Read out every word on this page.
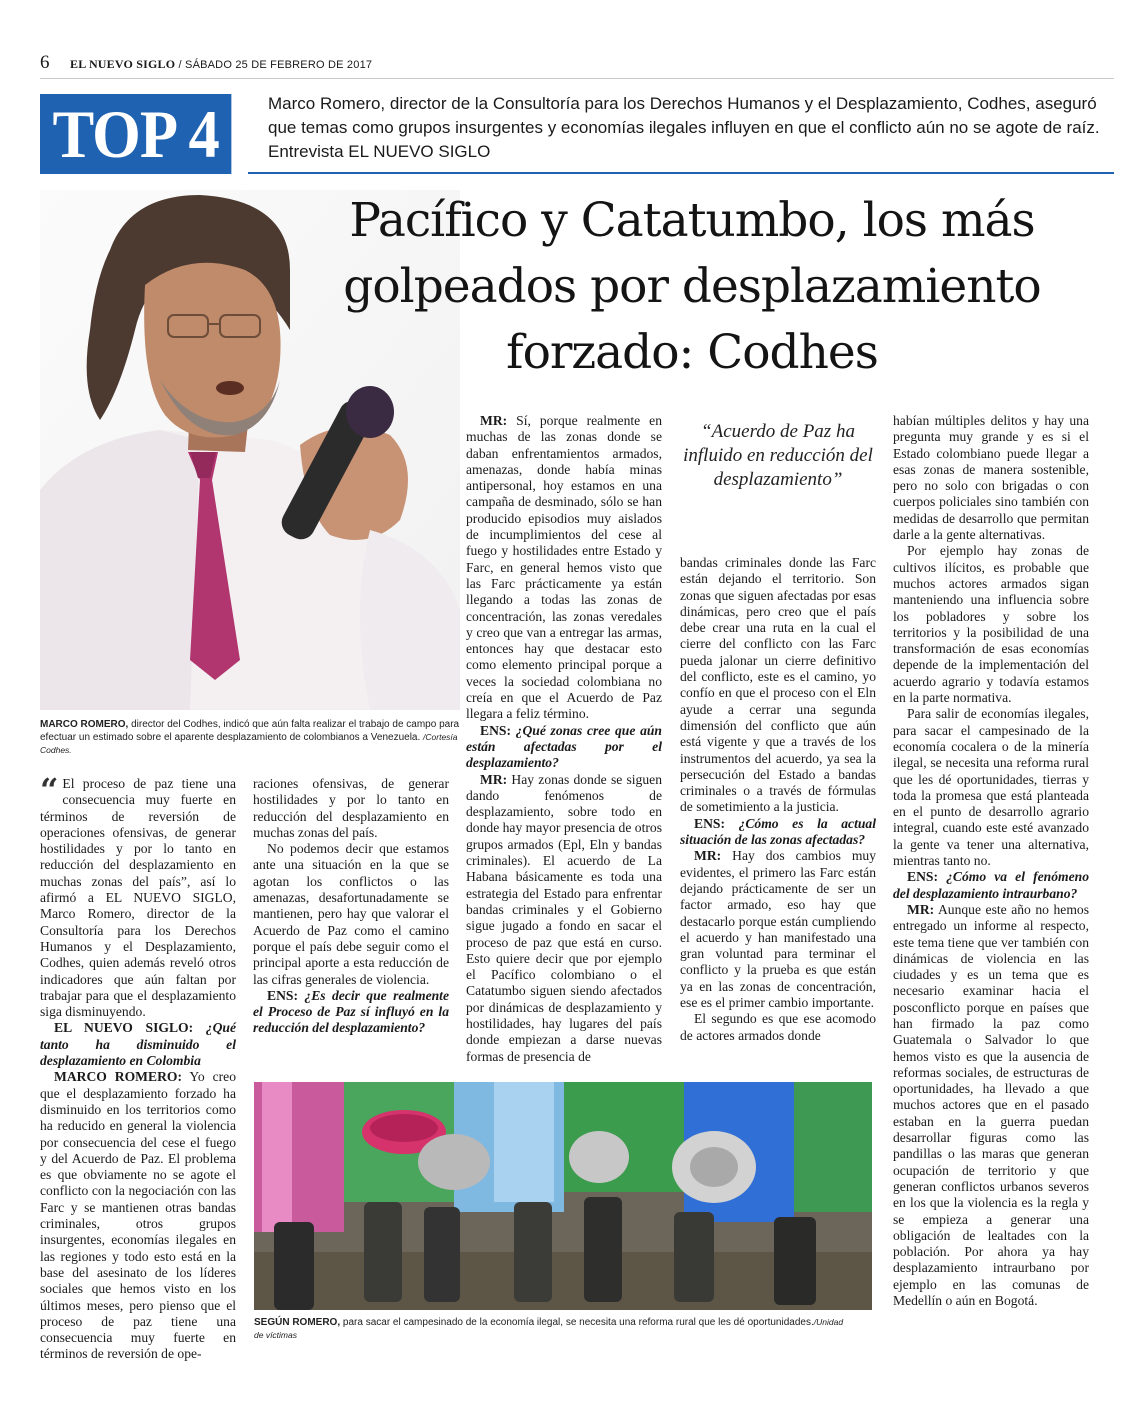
6 EL NUEVO SIGLO / SÁBADO 25 DE FEBRERO DE 2017
TOP 4	Marco Romero, director de la Consultoría para los Derechos Humanos y el Desplazamiento, Codhes, aseguró que temas como grupos insurgentes y economías ilegales influyen en que el conflicto aún no se agote de raíz. Entrevista EL NUEVO SIGLO
MARCO ROMERO, director del Codhes, indicó que aún falta realizar el trabajo de campo para efectuar un estimado sobre el aparente desplazamiento de colombianos a Venezuela. /Cortesía Codhes.
Pacífico y Catatumbo, los más
golpeados por desplazamiento
forzado: Codhes
“Acuerdo de Paz ha influido en reducción del desplazamiento”

“ El proceso de paz tiene una consecuencia muy fuerte en términos de reversión de operaciones ofensivas, de generar hostilidades y por lo tanto en reducción del desplazamiento en muchas zonas del país”, así lo afirmó a EL NUEVO SIGLO, Marco Romero, director de la Consultoría para los Derechos Humanos y el Desplazamiento, Codhes, quien además reveló otros indicadores que aún faltan por trabajar para que el desplazamiento siga disminuyendo.

EL NUEVO SIGLO: ¿Qué tanto ha disminuido el desplazamiento en Colombia

MARCO ROMERO: Yo creo que el desplazamiento forzado ha disminuido en los territorios como ha reducido en general la violencia por consecuencia del cese el fuego y del Acuerdo de Paz. El problema es que obviamente no se agote el conflicto con la negociación con las Farc y se mantienen otras bandas criminales, otros grupos insurgentes, economías ilegales en las regiones y todo esto está en la base del asesinato de los líderes sociales que hemos visto en los últimos meses, pero pienso que el proceso de paz tiene una consecuencia muy fuerte en términos de reversión de ope-

raciones ofensivas, de generar hostilidades y por lo tanto en reducción del desplazamiento en muchas zonas del país.

No podemos decir que estamos ante una situación en la que se agotan los conflictos o las amenazas, desafortunadamente se mantienen, pero hay que valorar el Acuerdo de Paz como el camino porque el país debe seguir como el principal aporte a esta reducción de las cifras generales de violencia.

ENS: ¿Es decir que realmente el Proceso de Paz sí influyó en la reducción del desplazamiento?

MR: Sí, porque realmente en muchas de las zonas donde se daban enfrentamientos armados, amenazas, donde había minas antipersonal, hoy estamos en una campaña de desminado, sólo se han producido episodios muy aislados de incumplimientos del cese al fuego y hostilidades entre Estado y Farc, en general hemos visto que las Farc prácticamente ya están llegando a todas las zonas de concentración, las zonas veredales y creo que van a entregar las armas, entonces hay que destacar esto como elemento principal porque a veces la sociedad colombiana no creía en que el Acuerdo de Paz llegara a feliz término.

ENS: ¿Qué zonas cree que aún están afectadas por el desplazamiento?

MR: Hay zonas donde se siguen dando fenómenos de desplazamiento, sobre todo en donde hay mayor presencia de otros grupos armados (Epl, Eln y bandas criminales). El acuerdo de La Habana básicamente es toda una estrategia del Estado para enfrentar bandas criminales y el Gobierno sigue jugado a fondo en sacar el proceso de paz que está en curso. Esto quiere decir que por ejemplo el Pacífico colombiano o el Catatumbo siguen siendo afectados por dinámicas de desplazamiento y hostilidades, hay lugares del país donde empiezan a darse nuevas formas de presencia de

bandas criminales donde las Farc están dejando el territorio. Son zonas que siguen afectadas por esas dinámicas, pero creo que el país debe crear una ruta en la cual el cierre del conflicto con las Farc pueda jalonar un cierre definitivo del conflicto, este es el camino, yo confío en que el proceso con el Eln ayude a cerrar una segunda dimensión del conflicto que aún está vigente y que a través de los instrumentos del acuerdo, ya sea la persecución del Estado a bandas criminales o a través de fórmulas de sometimiento a la justicia.

ENS: ¿Cómo es la actual situación de las zonas afectadas?

MR: Hay dos cambios muy evidentes, el primero las Farc están dejando prácticamente de ser un factor armado, eso hay que destacarlo porque están cumpliendo el acuerdo y han manifestado una gran voluntad para terminar el conflicto y la prueba es que están ya en las zonas de concentración, ese es el primer cambio importante.

El segundo es que ese acomodo de actores armados donde

habían múltiples delitos y hay una pregunta muy grande y es si el Estado colombiano puede llegar a esas zonas de manera sostenible, pero no solo con brigadas o con cuerpos policiales sino también con medidas de desarrollo que permitan darle a la gente alternativas.

Por ejemplo hay zonas de cultivos ilícitos, es probable que muchos actores armados sigan manteniendo una influencia sobre los pobladores y sobre los territorios y la posibilidad de una transformación de esas economías depende de la implementación del acuerdo agrario y todavía estamos en la parte normativa.

Para salir de economías ilegales, para sacar el campesinado de la economía cocalera o de la minería ilegal, se necesita una reforma rural que les dé oportunidades, tierras y toda la promesa que está planteada en el punto de desarrollo agrario integral, cuando este esté avanzado la gente va tener una alternativa, mientras tanto no.

ENS: ¿Cómo va el fenómeno del desplazamiento intraurbano?

MR: Aunque este año no hemos entregado un informe al respecto, este tema tiene que ver también con dinámicas de violencia en las ciudades y es un tema que es necesario examinar hacia el posconflicto porque en países que han firmado la paz como Guatemala o Salvador lo que hemos visto es que la ausencia de reformas sociales, de estructuras de oportunidades, ha llevado a que muchos actores que en el pasado estaban en la guerra puedan desarrollar figuras como las pandillas o las maras que generan ocupación de territorio y que generan conflictos urbanos severos en los que la violencia es la regla y se empieza a generar una obligación de lealtades con la población. Por ahora ya hay desplazamiento intraurbano por ejemplo en las comunas de Medellín o aún en Bogotá.

SEGÚN ROMERO, para sacar el campesinado de la economía ilegal, se necesita una reforma rural que les dé oportunidades./Unidad de víctimas
